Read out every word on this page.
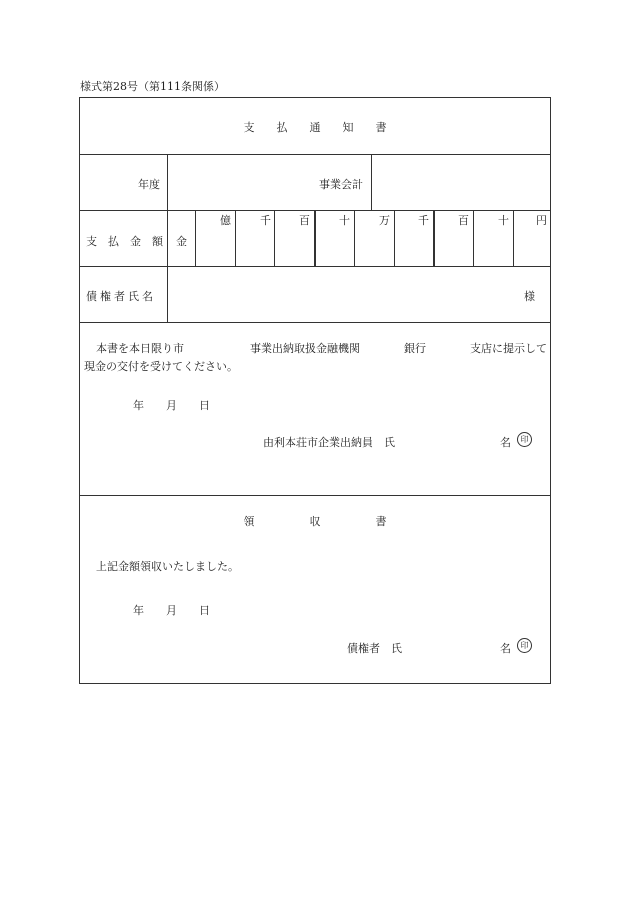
様式第28号（第111条関係）
支　　払　　通　　知　　書
年度	事業会計
支　払　金　額 金
億	千	百	十	万	千	百	十 円
債権者氏名	様
本書を本日限り市　　　　　　事業出納取扱金融機関　　　　銀行　　　　支店に提示して
現金の交付を受けてください。
年　　月　　日
由利本荘市企業出納員　氏	名	印
領　　　　　収　　　　　書
上記金額領収いたしました。
年　　月　　日
債権者　氏	名	印
